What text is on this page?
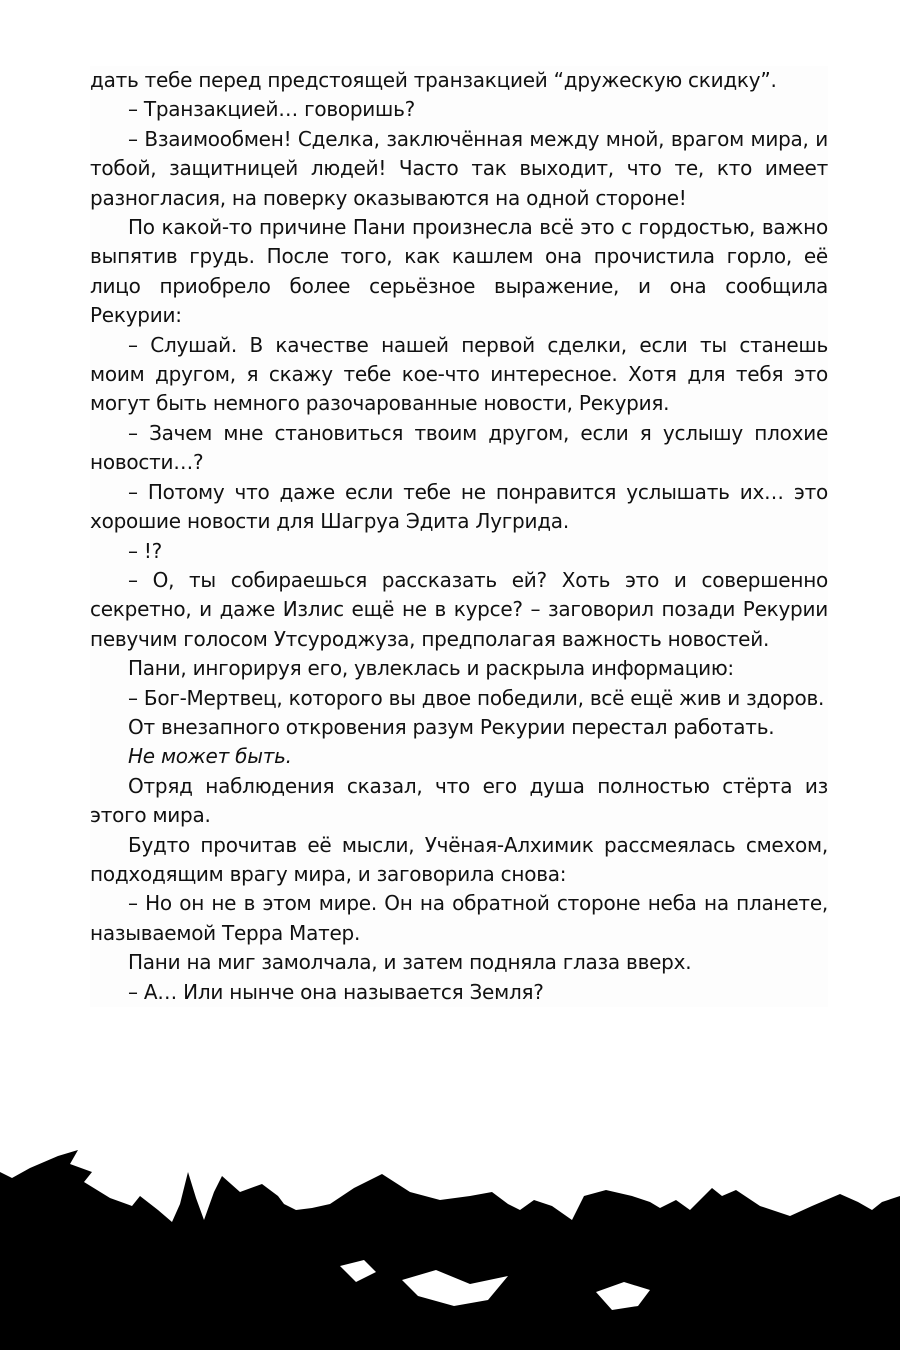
дать тебе перед предстоящей транзакцией “дружескую скидку”.

– Транзакцией… говоришь?

– Взаимообмен! Сделка, заключённая между мной, врагом мира, и тобой, защитницей людей! Часто так выходит, что те, кто имеет разногласия, на поверку оказываются на одной стороне!

По какой-то причине Пани произнесла всё это с гордостью, важно выпятив грудь. После того, как кашлем она прочистила горло, её лицо приобрело более серьёзное выражение, и она сообщила Рекурии:

– Слушай. В качестве нашей первой сделки, если ты станешь моим другом, я скажу тебе кое-что интересное. Хотя для тебя это могут быть немного разочарованные новости, Рекурия.

– Зачем мне становиться твоим другом, если я услышу плохие новости…?

– Потому что даже если тебе не понравится услышать их… это хорошие новости для Шагруа Эдита Лугрида.

– !?

– О, ты собираешься рассказать ей? Хоть это и совершенно секретно, и даже Излис ещё не в курсе? – заговорил позади Рекурии певучим голосом Утсуроджуза, предполагая важность новостей.

Пани, ингорируя его, увлеклась и раскрыла информацию:

– Бог-Мертвец, которого вы двое победили, всё ещё жив и здоров.

От внезапного откровения разум Рекурии перестал работать.

Не может быть.

Отряд наблюдения сказал, что его душа полностью стёрта из этого мира.

Будто прочитав её мысли, Учёная-Алхимик рассмеялась смехом, подходящим врагу мира, и заговорила снова:

– Но он не в этом мире. Он на обратной стороне неба на планете, называемой Терра Матер.

Пани на миг замолчала, и затем подняла глаза вверх.

– А… Или нынче она называется Земля?
